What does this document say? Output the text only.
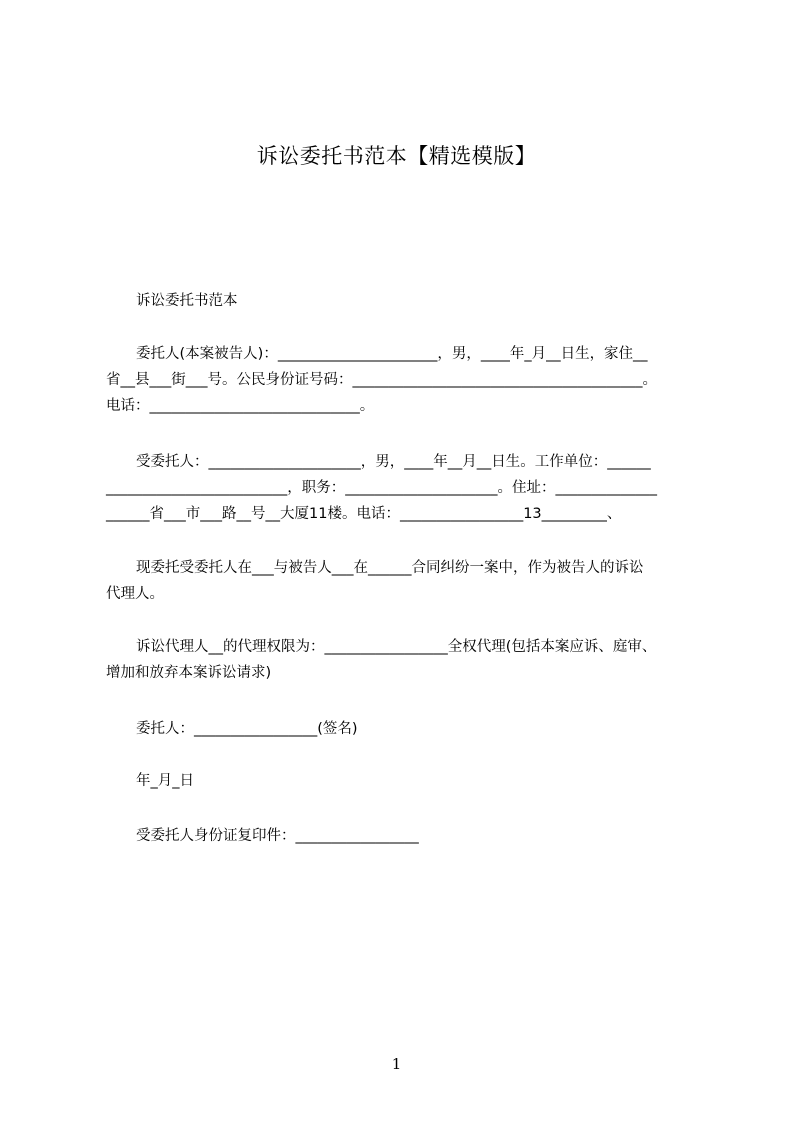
诉讼委托书范本【精选模版】

诉讼委托书范本

委托人(本案被告人)：______________________，男，____年_月__日生，家住__
省__县___街___号。公民身份证号码：________________________________________。
电话：_____________________________。

受委托人：_____________________，男，____年__月__日生。工作单位：______
_________________________，职务：_____________________。住址：______________
______省___市___路__号__大厦11楼。电话：_________________13_________、

现委托受委托人在___与被告人___在______合同纠纷一案中，作为被告人的诉讼
代理人。

诉讼代理人__的代理权限为：_________________全权代理(包括本案应诉、庭审、
增加和放弃本案诉讼请求)

委托人：_________________(签名)

年_月_日

受委托人身份证复印件：_________________

1
